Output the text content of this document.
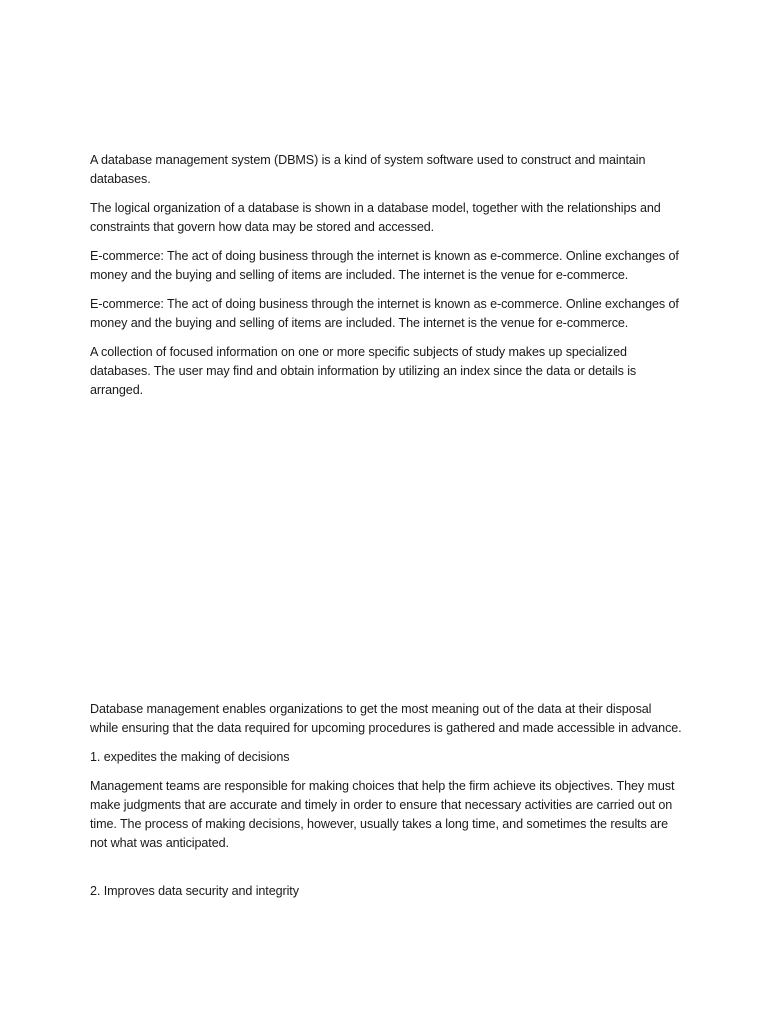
A database management system (DBMS) is a kind of system software used to construct and maintain databases.

The logical organization of a database is shown in a database model, together with the relationships and constraints that govern how data may be stored and accessed.

E-commerce: The act of doing business through the internet is known as e-commerce. Online exchanges of money and the buying and selling of items are included. The internet is the venue for e-commerce.

E-commerce: The act of doing business through the internet is known as e-commerce. Online exchanges of money and the buying and selling of items are included. The internet is the venue for e-commerce.

A collection of focused information on one or more specific subjects of study makes up specialized databases. The user may find and obtain information by utilizing an index since the data or details is arranged.

Database management enables organizations to get the most meaning out of the data at their disposal while ensuring that the data required for upcoming procedures is gathered and made accessible in advance.

1. expedites the making of decisions

Management teams are responsible for making choices that help the firm achieve its objectives. They must make judgments that are accurate and timely in order to ensure that necessary activities are carried out on time. The process of making decisions, however, usually takes a long time, and sometimes the results are not what was anticipated.

2. Improves data security and integrity
